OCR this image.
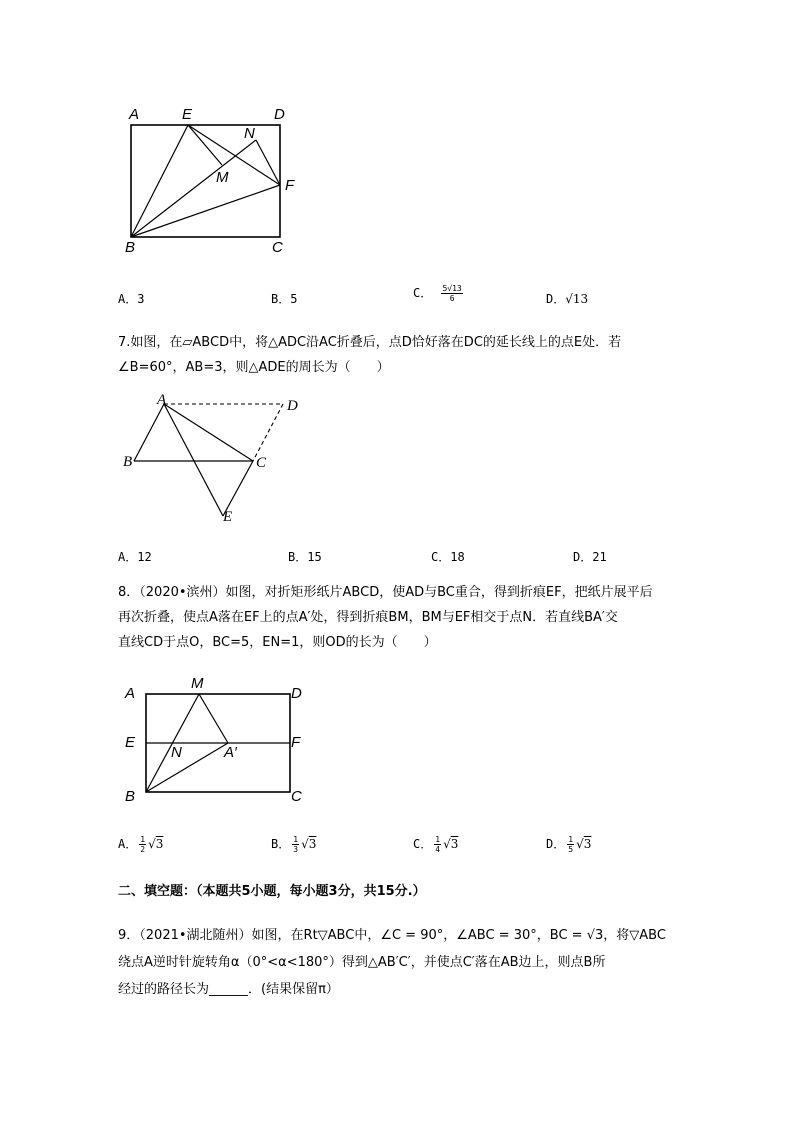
A	E	D
N
M	F
B	C
A．3	B．5	C． $\frac{5√13}{6}$	D．√13
7.如图，在▱ABCD中，将△ADC沿AC折叠后，点D恰好落在DC的延长线上的点E处．若
∠B=60°，AB=3，则△ADE的周长为（　　）
A	D
B	C
E
A．12	B．15	C．18	D．21
8．（2020•滨州）如图，对折矩形纸片ABCD，使AD与BC重合，得到折痕EF，把纸片展平后
再次折叠，使点A落在EF上的点A′处，得到折痕BM，BM与EF相交于点N．若直线BA′交
直线CD于点O，BC=5，EN=1，则OD的长为（　　）
A
M
D
E
N	A′
F
B	C
A． $\frac{1}{2} √3$	B． $\frac{1}{3} √3$	C． $\frac{1}{4} √3$	D． $\frac{1}{5} √3$
二、填空题：（本题共5小题，每小题3分，共15分.）
9．（2021•湖北随州）如图，在Rt▽ABC中，∠C = 90°，∠ABC = 30°，BC = √3，将▽ABC
绕点A逆时针旋转角α（0°<α<180°）得到△AB′C′，并使点C′落在AB边上，则点B所
经过的路径长为______．(结果保留π）
